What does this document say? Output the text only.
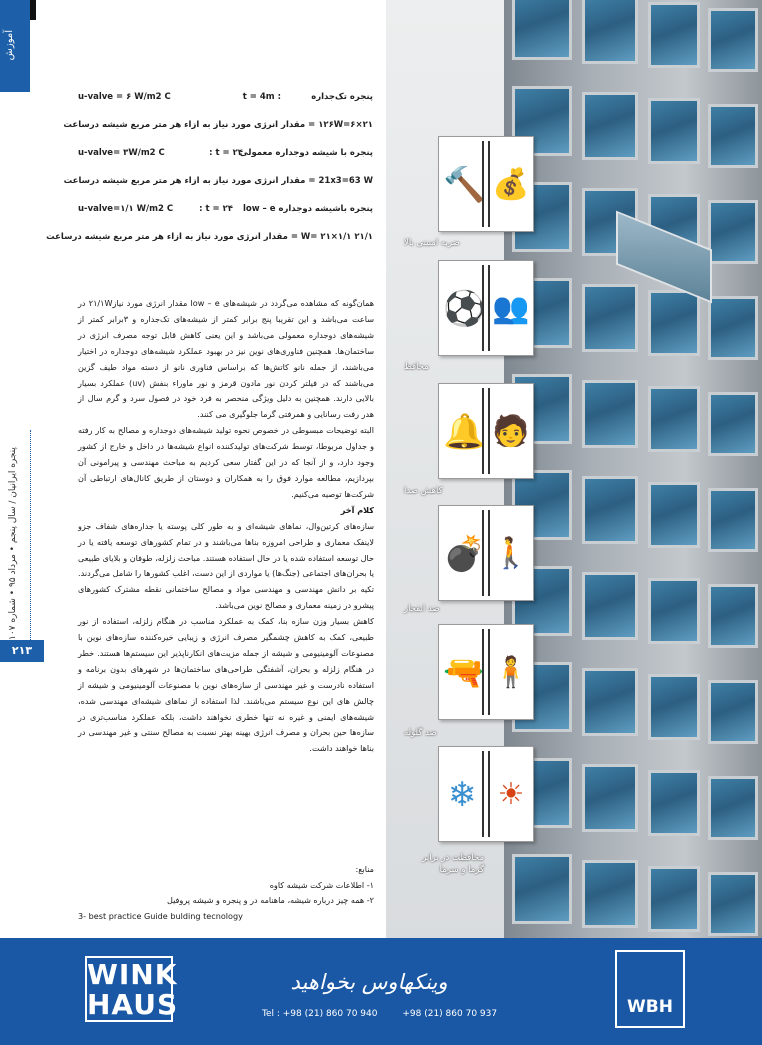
آموزش
پنجره ایرانیان / سال پنجم • مرداد ۹۵ • شماره ۱۰۷
۲۱۳
پنجره تک‌جداره
: t = 4m
u-valve = ۶ W/m2 C
۲۱×۶=۱۲۶W = مقدار انرژی مورد نیاز به ازاء هر متر مربع شیشه درساعت
پنجره با شیشه دوجداره معمولی
t = ۲۴ :
u-valve= ۳W/m2 C
21x3=63 W = مقدار انرژی مورد نیاز به ازاء هر متر مربع شیشه درساعت
پنجره باشیشه دوجداره low – e
t = ۲۴ :
u-valve=۱/۱ W/m2 C
۲۱/۱ W= ۲۱×۱/۱ = مقدار انرژی مورد نیاز به ازاء هر متر مربع شیشه درساعت

همان‌گونه که مشاهده می‌گردد در شیشه‌های low – e مقدار انرژی مورد نیاز۲۱/۱W در ساعت می‌باشد و این تقریبا پنج برابر کمتر از شیشه‌های تک‌جداره و ۳برابر کمتر از شیشه‌های دوجداره معمولی می‌باشد و این یعنی کاهش قابل توجه مصرف انرژی در ساختمان‌ها. همچنین فناوری‌های نوین نیز در بهبود عملکرد شیشه‌های دوجداره در اختیار می‌باشند، از جمله نانو کاتش‌ها که براساس فناوری نانو از دسته مواد طیف گزین می‌باشند که در فیلتر کردن نور مادون قرمز و نور ماوراء بنفش (uv) عملکرد بسیار بالایی دارند. همچنین به دلیل ویژگی منحصر به فرد خود در فصول سرد و گرم سال از هدر رفت رسانایی و همرفتی گرما جلوگیری می کنند.

البته توضیحات مبسوطی در خصوص نحوه تولید شیشه‌های دوجداره و مصالح به کار رفته و جداول مربوطا، توسط شرکت‌های تولیدکننده انواع شیشه‌ها در داخل و خارج از کشور وجود دارد، و از آنجا که در این گفتار سعی کردیم به مباحث مهندسی و پیرامونی آن بپردازیم، مطالعه موارد فوق را به همکاران و دوستان از طریق کانال‌های ارتباطی آن شرکت‌ها توصیه می‌کنیم.

کلام آخر

سازه‌های کرتین‌وال، نماهای شیشه‌ای و به طور کلی پوسته یا جداره‌های شفاف جزو لاینفک معماری و طراحی امروزه بناها می‌باشند و در تمام کشورهای توسعه یافته یا در حال توسعه استفاده شده یا در حال استفاده هستند. مباحث زلزله، طوفان و بلایای طبیعی یا بحران‌های اجتماعی (جنگ‌ها) یا مواردی از این دست، اغلب کشورها را شامل می‌گردند. تکیه بر دانش مهندسی و مهندسی مواد و مصالح ساختمانی نقطه مشترک کشورهای پیشرو در زمینه معماری و مصالح نوین می‌باشد.

کاهش بسیار وزن سازه بنا، کمک به عملکرد مناسب در هنگام زلزله، استفاده از نور طبیعی، کمک به کاهش چشمگیر مصرف انرژی و زیبایی خیره‌کننده سازه‌های نوین با مصنوعات آلومینیومی و شیشه از جمله مزیت‌های انکارناپذیر این سیستم‌ها هستند. خطر در هنگام زلزله و بحران، آشفتگی طراحی‌های ساختمان‌ها در شهرهای بدون برنامه و استفاده نادرست و غیر مهندسی از سازه‌های نوین با مصنوعات آلومینیومی و شیشه از چالش های این نوع سیستم می‌باشند. لذا استفاده از نماهای شیشه‌ای مهندسی شده، شیشه‌های ایمنی و غیره نه تنها خطری نخواهند داشت، بلکه عملکرد مناسب‌تری در سازه‌ها حین بحران و مصرف انرژی بهینه بهتر نسبت به مصالح سنتی و غیر مهندسی در بناها خواهند داشت.

منابع:

۱- اطلاعات شرکت شیشه کاوه

۲- همه چیز درباره شیشه، ماهنامه در و پنجره و شیشه پروفیل

3- best practice Guide bulding tecnology

🔨 💰
ضربه امنیتی بالا
⚽ 👥
محافظ
🔔 🧑
کاهش صدا
💣 🚶
ضد انفجار
🔫 🧍
ضد گلوله
❄ ☀
محافظت در برابر گرما و سرما
WINK
HAUS
وینکهاوس بخواهید
Tel : +98 (21) 860 70 940	+98 (21) 860 70 937	WBH
